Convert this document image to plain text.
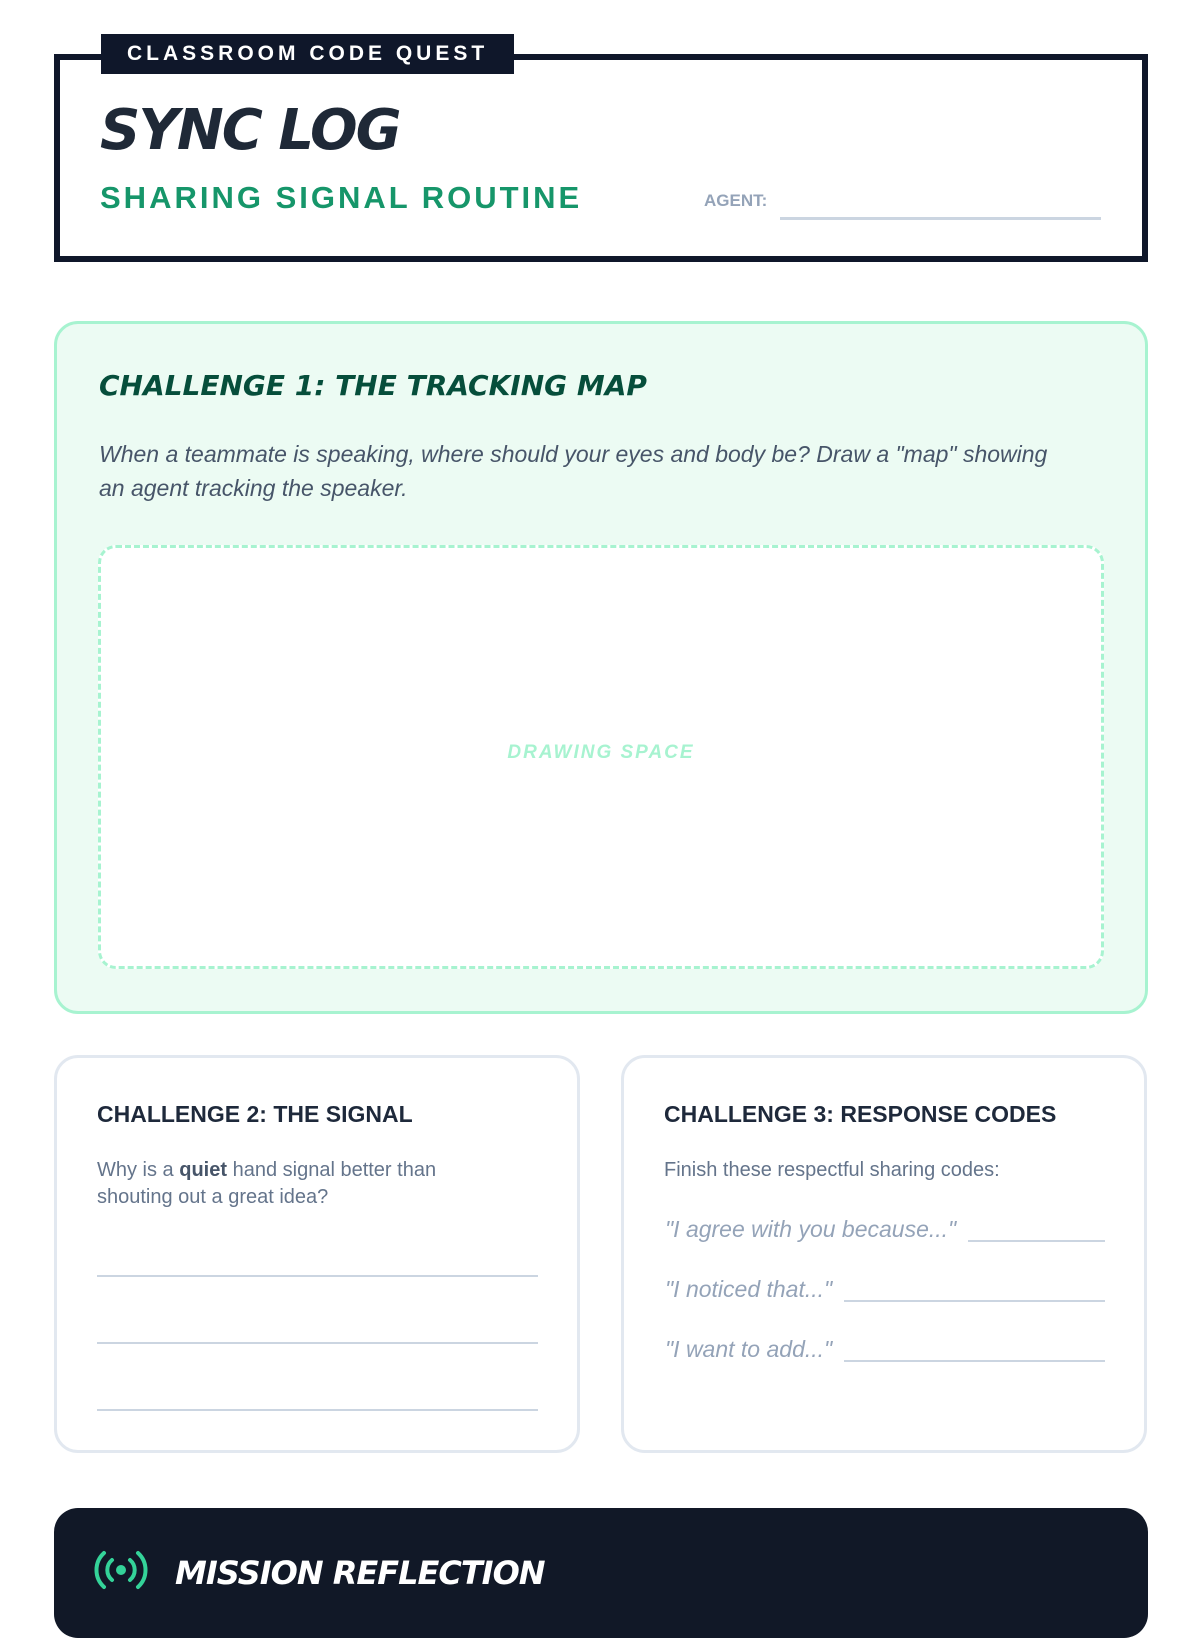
CLASSROOM CODE QUEST
SYNC LOG
SHARING SIGNAL ROUTINE	AGENT:
CHALLENGE 1: THE TRACKING MAP

When a teammate is speaking, where should your eyes and body be? Draw a "map" showing an agent tracking the speaker.

DRAWING SPACE
CHALLENGE 2: THE SIGNAL

Why is a quiet hand signal better than shouting out a great idea?

CHALLENGE 3: RESPONSE CODES

Finish these respectful sharing codes:

"I agree with you because..."
"I noticed that..."
"I want to add..."
MISSION REFLECTION
